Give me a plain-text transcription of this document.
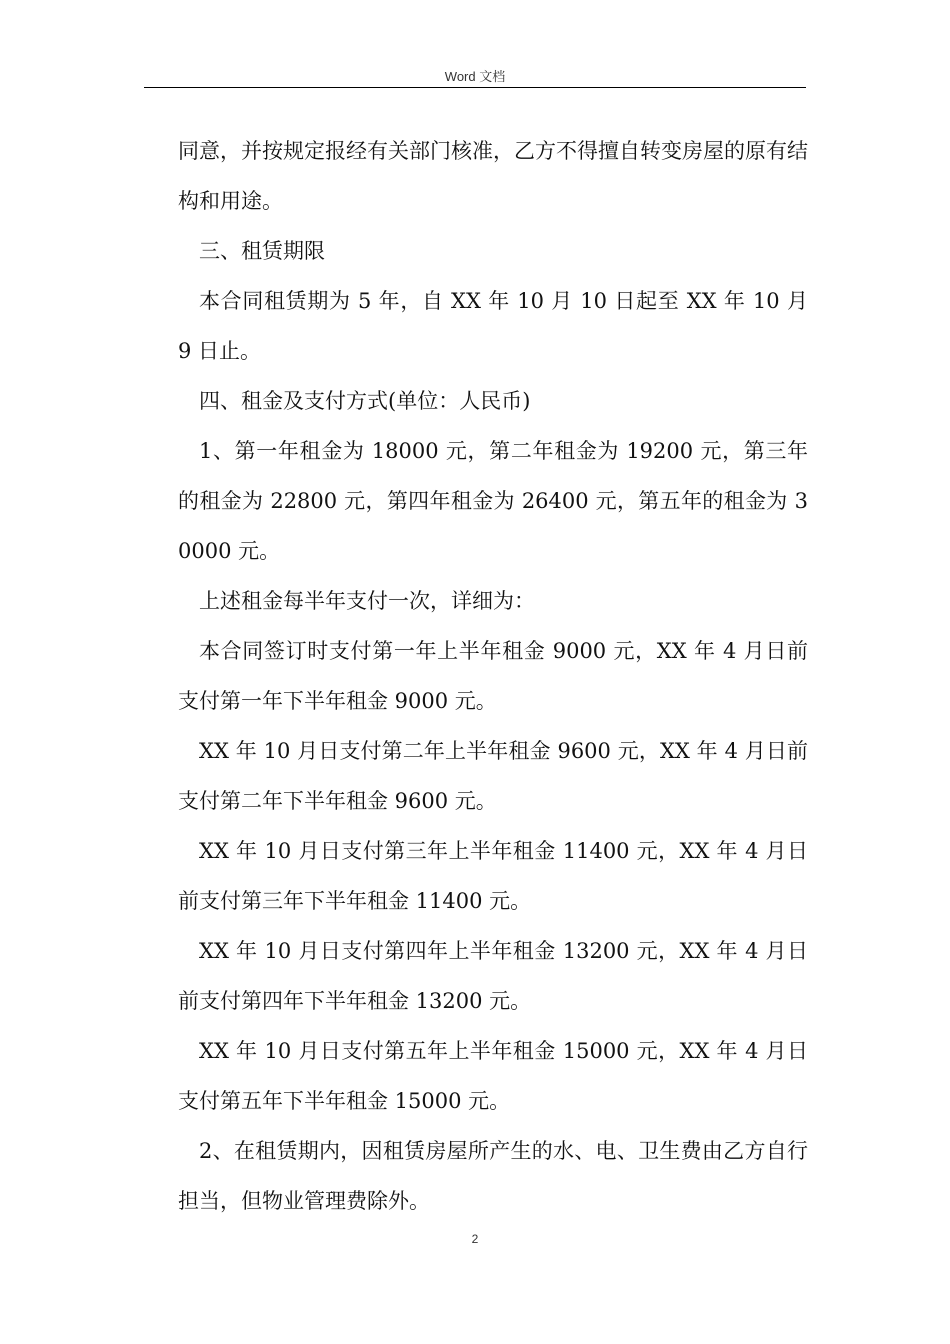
Word 文档

同意，并按规定报经有关部门核准，乙方不得擅自转变房屋的原有结构和用途。

三、租赁期限

本合同租赁期为 5 年，自 XX 年 10 月 10 日起至 XX 年 10 月 9 日止。

四、租金及支付方式(单位：人民币)

1、第一年租金为 18000 元，第二年租金为 19200 元，第三年的租金为 22800 元，第四年租金为 26400 元，第五年的租金为 30000 元。

上述租金每半年支付一次，详细为：

本合同签订时支付第一年上半年租金 9000 元，XX 年 4 月日前支付第一年下半年租金 9000 元。

XX 年 10 月日支付第二年上半年租金 9600 元，XX 年 4 月日前支付第二年下半年租金 9600 元。

XX 年 10 月日支付第三年上半年租金 11400 元，XX 年 4 月日前支付第三年下半年租金 11400 元。

XX 年 10 月日支付第四年上半年租金 13200 元，XX 年 4 月日前支付第四年下半年租金 13200 元。

XX 年 10 月日支付第五年上半年租金 15000 元，XX 年 4 月日支付第五年下半年租金 15000 元。

2、在租赁期内，因租赁房屋所产生的水、电、卫生费由乙方自行担当，但物业管理费除外。

2
